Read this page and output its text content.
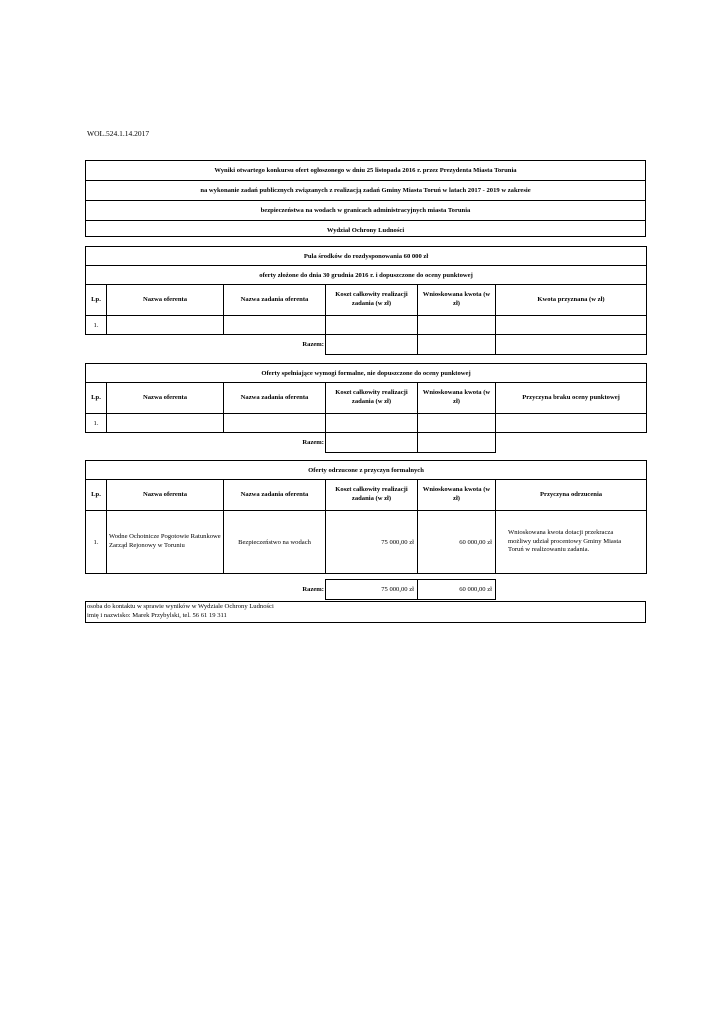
WOL.524.1.14.2017
Wyniki otwartego konkursu ofert ogłoszonego w dniu 25 listopada 2016 r. przez Prezydenta Miasta Torunia
na wykonanie zadań publicznych związanych z realizacją zadań Gminy Miasta Toruń w latach 2017 - 2019 w zakresie
bezpieczeństwa na wodach w granicach administracyjnych miasta Torunia
Wydział Ochrony Ludności
Pula środków do rozdysponowania 60 000 zł					
oferty złożone do dnia 30 grudnia 2016 r. i dopuszczone do oceny punktowej					
Lp.	Nazwa oferenta	Nazwa zadania oferenta	Koszt całkowity realizacji zadania (w zł)	Wnioskowana kwota (w zł)	Kwota przyznana (w zł)
1.					
Razem:					
Oferty spełniające wymogi formalne, nie dopuszczone do oceny punktowej					
Lp.	Nazwa oferenta	Nazwa zadania oferenta	Koszt całkowity realizacji zadania (w zł)	Wnioskowana kwota (w zł)	Przyczyna braku oceny punktowej
1.					
Razem:					
Oferty odrzucone z przyczyn formalnych					
Lp.	Nazwa oferenta	Nazwa zadania oferenta	Koszt całkowity realizacji zadania (w zł)	Wnioskowana kwota (w zł)	Przyczyna odrzucenia
1.	Wodne Ochotnicze Pogotowie Ratunkowe Zarząd Rejonowy w Toruniu	Bezpieczeństwo na wodach	75 000,00 zł	60 000,00 zł	Wnioskowana kwota dotacji przekracza możliwy udział procentowy Gminy Miasta Toruń w realizowaniu zadania.

Razem:			75 000,00 zł	60 000,00 zł	
osoba do kontaktu w sprawie wyników w Wydziale Ochrony Ludności
imię i nazwisko: Marek Przybylski, tel. 56 61 19 311
